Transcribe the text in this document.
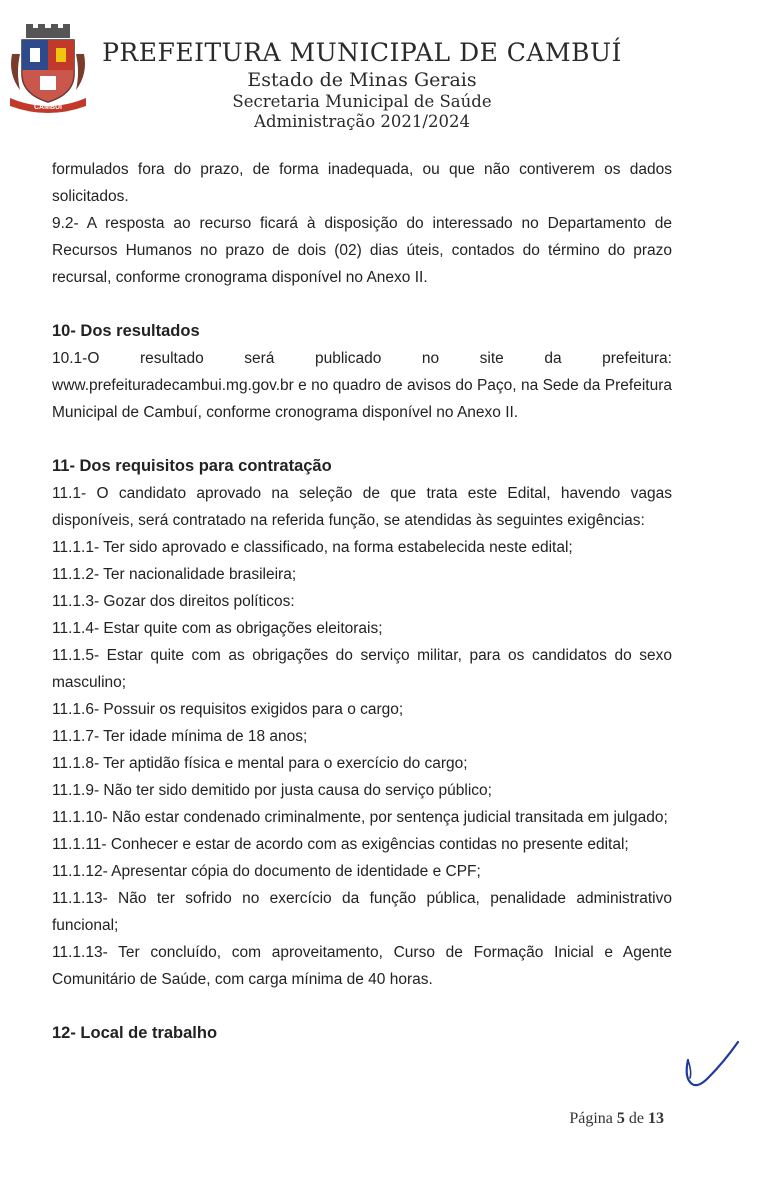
CAMBUÍ
PREFEITURA MUNICIPAL DE CAMBUÍ
Estado de Minas Gerais
Secretaria Municipal de Saúde
Administração 2021/2024

formulados fora do prazo, de forma inadequada, ou que não contiverem os dados solicitados.

9.2- A resposta ao recurso ficará à disposição do interessado no Departamento de Recursos Humanos no prazo de dois (02) dias úteis, contados do término do prazo recursal, conforme cronograma disponível no Anexo II.

10- Dos resultados

10.1-O	resultado	será	publicado	no	site	da	prefeitura:

www.prefeituradecambui.mg.gov.br e no quadro de avisos do Paço, na Sede da Prefeitura Municipal de Cambuí, conforme cronograma disponível no Anexo II.

11- Dos requisitos para contratação

11.1- O candidato aprovado na seleção de que trata este Edital, havendo vagas disponíveis, será contratado na referida função, se atendidas às seguintes exigências:

11.1.1- Ter sido aprovado e classificado, na forma estabelecida neste edital;

11.1.2- Ter nacionalidade brasileira;

11.1.3- Gozar dos direitos políticos:

11.1.4- Estar quite com as obrigações eleitorais;

11.1.5- Estar quite com as obrigações do serviço militar, para os candidatos do sexo masculino;

11.1.6- Possuir os requisitos exigidos para o cargo;

11.1.7- Ter idade mínima de 18 anos;

11.1.8- Ter aptidão física e mental para o exercício do cargo;

11.1.9- Não ter sido demitido por justa causa do serviço público;

11.1.10- Não estar condenado criminalmente, por sentença judicial transitada em julgado;

11.1.11- Conhecer e estar de acordo com as exigências contidas no presente edital;

11.1.12- Apresentar cópia do documento de identidade e CPF;

11.1.13- Não ter sofrido no exercício da função pública, penalidade administrativo funcional;

11.1.13- Ter concluído, com aproveitamento, Curso de Formação Inicial e Agente Comunitário de Saúde, com carga mínima de 40 horas.

12- Local de trabalho

Página 5 de 13
